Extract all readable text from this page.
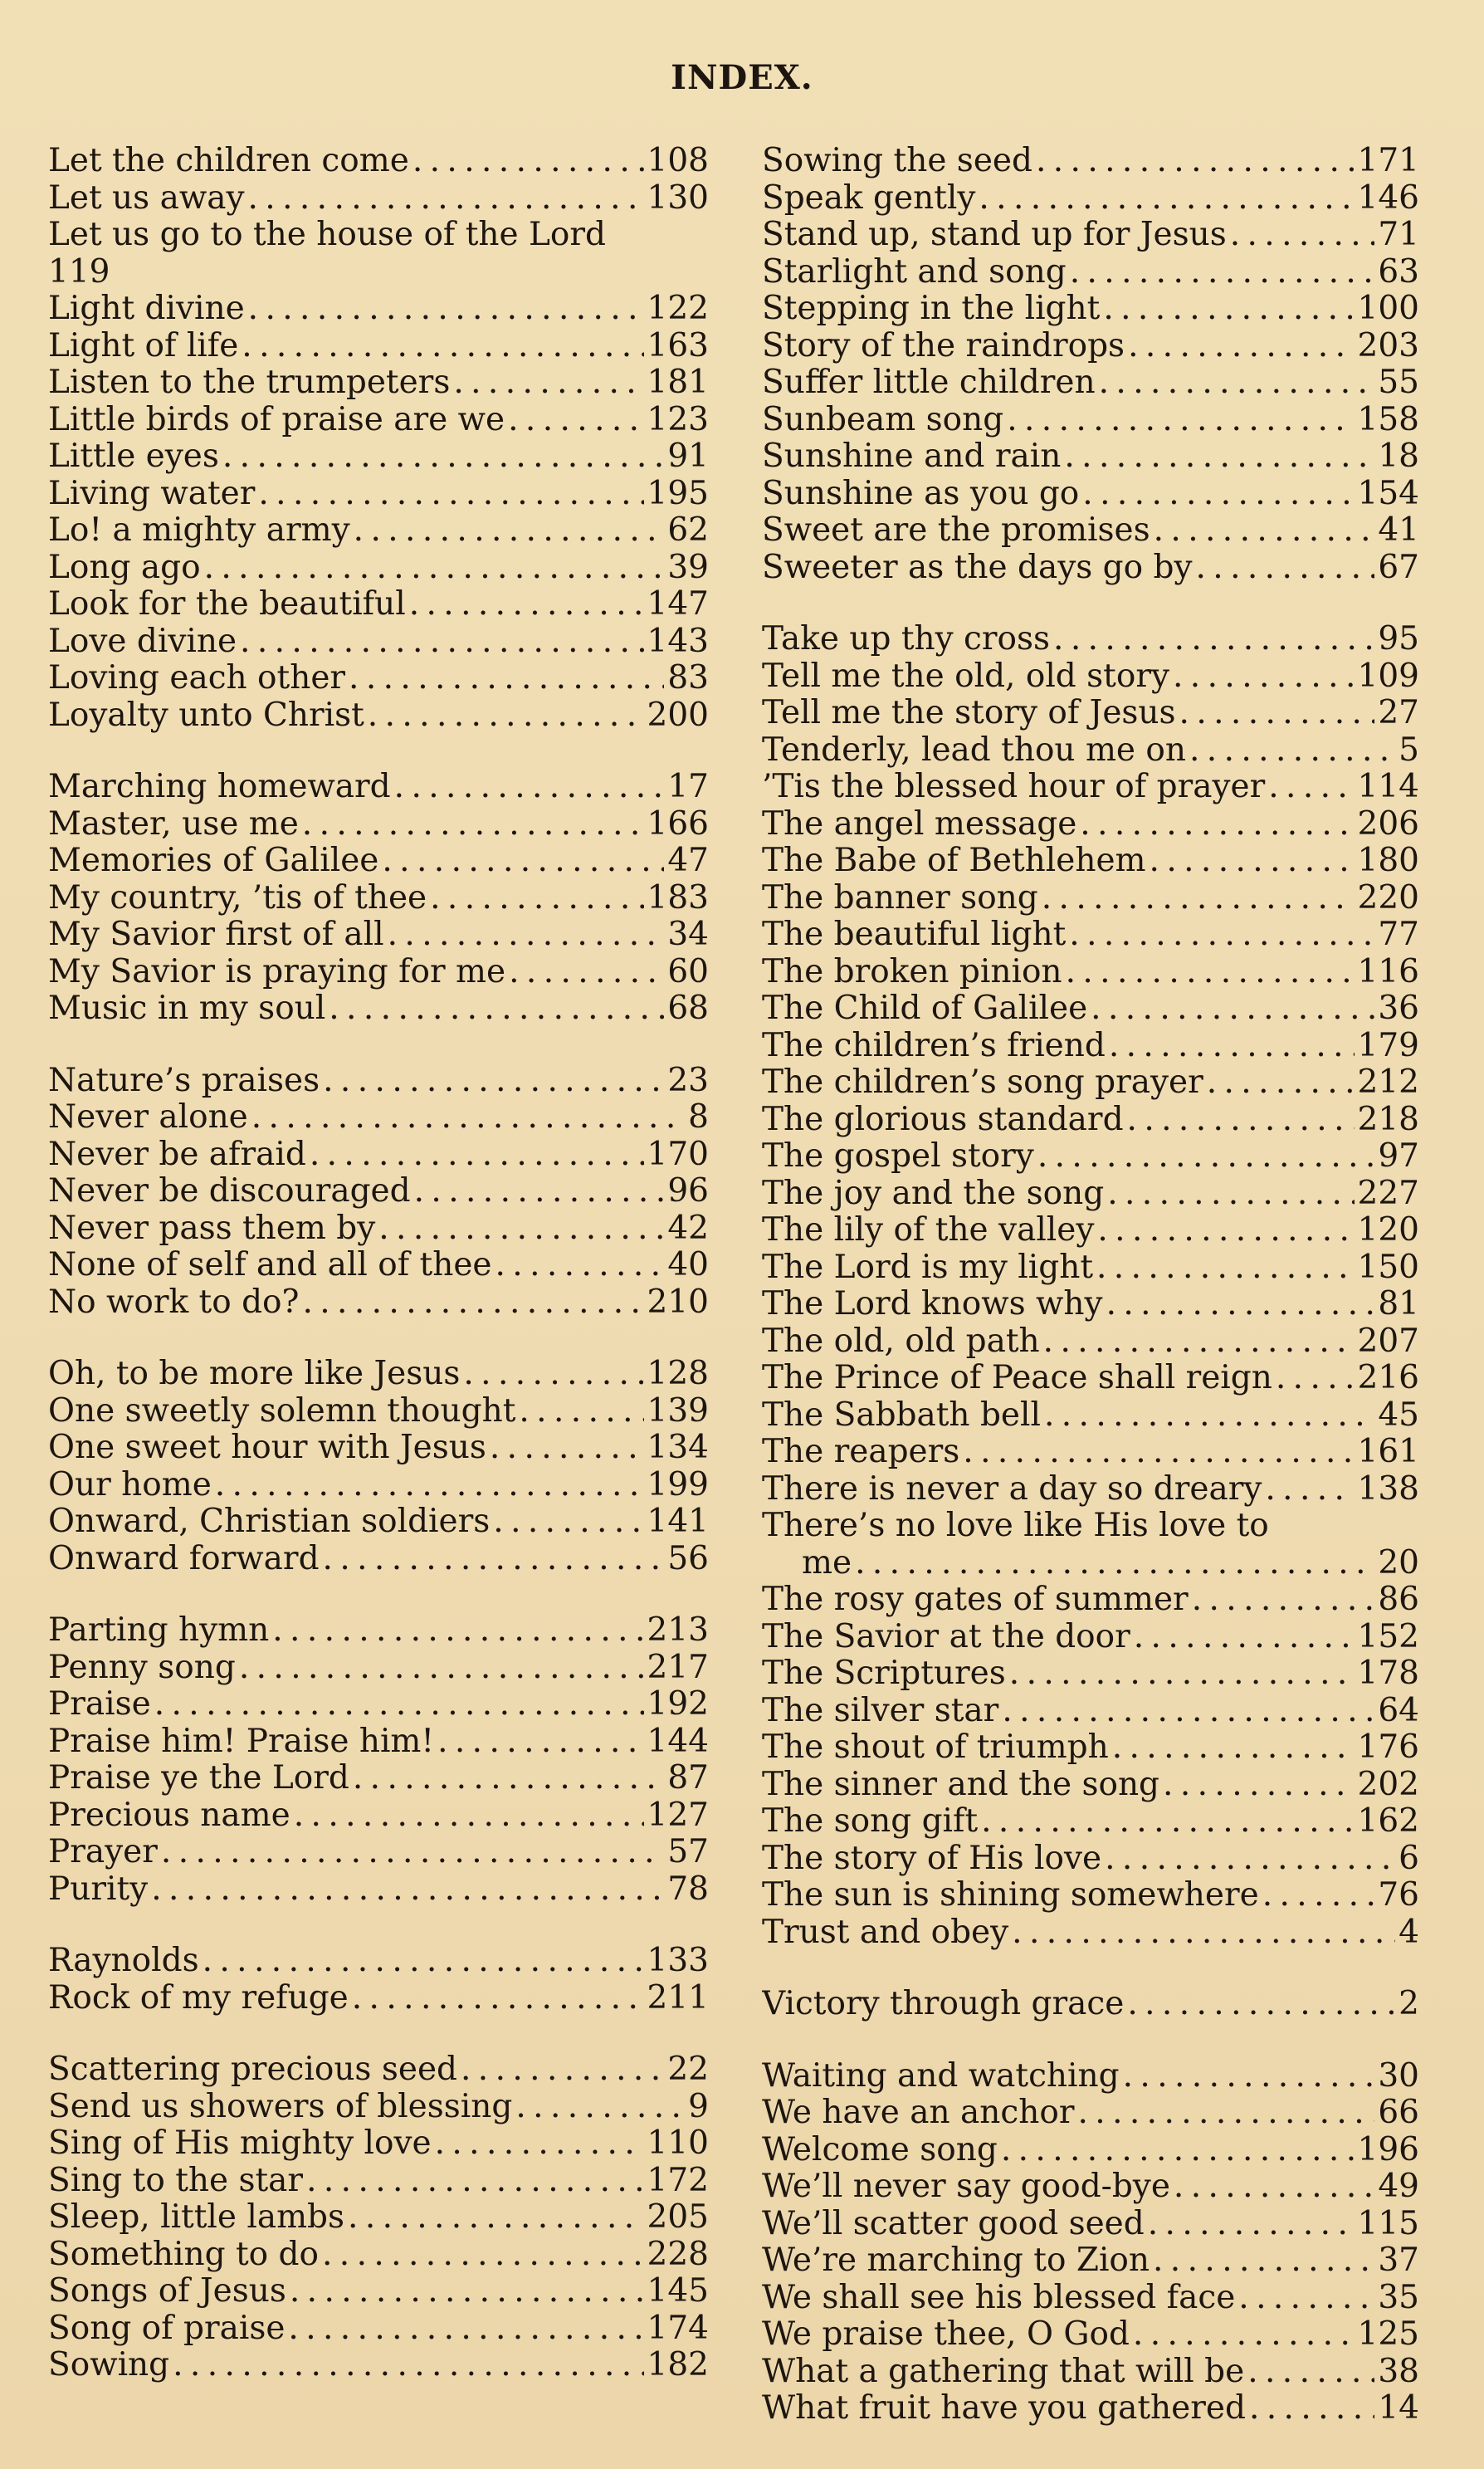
INDEX.
Let the children come . . .	108
Let us away . . .	130
Let us go to the house of the Lord
119
Light divine . . .	122
Light of life . . .	163
Listen to the trumpeters . . .	181
Little birds of praise are we . . .	123
Little eyes . . .	91
Living water . . .	195
Lo! a mighty army . . .	62
Long ago . . .	39
Look for the beautiful . . .	147
Love divine . . .	143
Loving each other . . .	83
Loyalty unto Christ . . .	200
Marching homeward . . .	17
Master, use me . . .	166
Memories of Galilee . . .	47
My country, ’tis of thee . . .	183
My Savior first of all . . .	34
My Savior is praying for me . . .	60
Music in my soul . . .	68
Nature’s praises . . .	23
Never alone . . .	8
Never be afraid . . .	170
Never be discouraged . . .	96
Never pass them by . . .	42
None of self and all of thee . . .	40
No work to do? . . .	210
Oh, to be more like Jesus . . .	128
One sweetly solemn thought . . .	139
One sweet hour with Jesus . . .	134
Our home . . .	199
Onward, Christian soldiers . . .	141
Onward forward . . .	56
Parting hymn . . .	213
Penny song . . .	217
Praise . . .	192
Praise him! Praise him! . . .	144
Praise ye the Lord . . .	87
Precious name . . .	127
Prayer . . .	57
Purity . . .	78
Raynolds . . .	133
Rock of my refuge . . .	211
Scattering precious seed . . .	22
Send us showers of blessing . . .	9
Sing of His mighty love . . .	110
Sing to the star . . .	172
Sleep, little lambs . . .	205
Something to do . . .	228
Songs of Jesus . . .	145
Song of praise . . .	174
Sowing . . .	182
Sowing the seed . . .	171
Speak gently . . .	146
Stand up, stand up for Jesus . . .	71
Starlight and song . . .	63
Stepping in the light . . .	100
Story of the raindrops . . .	203
Suffer little children . . .	55
Sunbeam song . . .	158
Sunshine and rain . . .	18
Sunshine as you go . . .	154
Sweet are the promises . . .	41
Sweeter as the days go by . . .	67
Take up thy cross . . .	95
Tell me the old, old story . . .	109
Tell me the story of Jesus . . .	27
Tenderly, lead thou me on . . .	5
’Tis the blessed hour of prayer . . .	114
The angel message . . .	206
The Babe of Bethlehem . . .	180
The banner song . . .	220
The beautiful light . . .	77
The broken pinion . . .	116
The Child of Galilee . . .	36
The children’s friend . . .	179
The children’s song prayer . . .	212
The glorious standard . . .	218
The gospel story . . .	97
The joy and the song . . .	227
The lily of the valley . . .	120
The Lord is my light . . .	150
The Lord knows why . . .	81
The old, old path . . .	207
The Prince of Peace shall reign . . .	216
The Sabbath bell . . .	45
The reapers . . .	161
There is never a day so dreary . . .	138
There’s no love like His love to
me . . .	20
The rosy gates of summer . . .	86
The Savior at the door . . .	152
The Scriptures . . .	178
The silver star . . .	64
The shout of triumph . . .	176
The sinner and the song . . .	202
The song gift . . .	162
The story of His love . . .	6
The sun is shining somewhere . . .	76
Trust and obey . . .	4
Victory through grace . . .	2
Waiting and watching . . .	30
We have an anchor . . .	66
Welcome song . . .	196
We’ll never say good-bye . . .	49
We’ll scatter good seed . . .	115
We’re marching to Zion . . .	37
We shall see his blessed face . . .	35
We praise thee, O God . . .	125
What a gathering that will be . . .	38
What fruit have you gathered . . .	14
